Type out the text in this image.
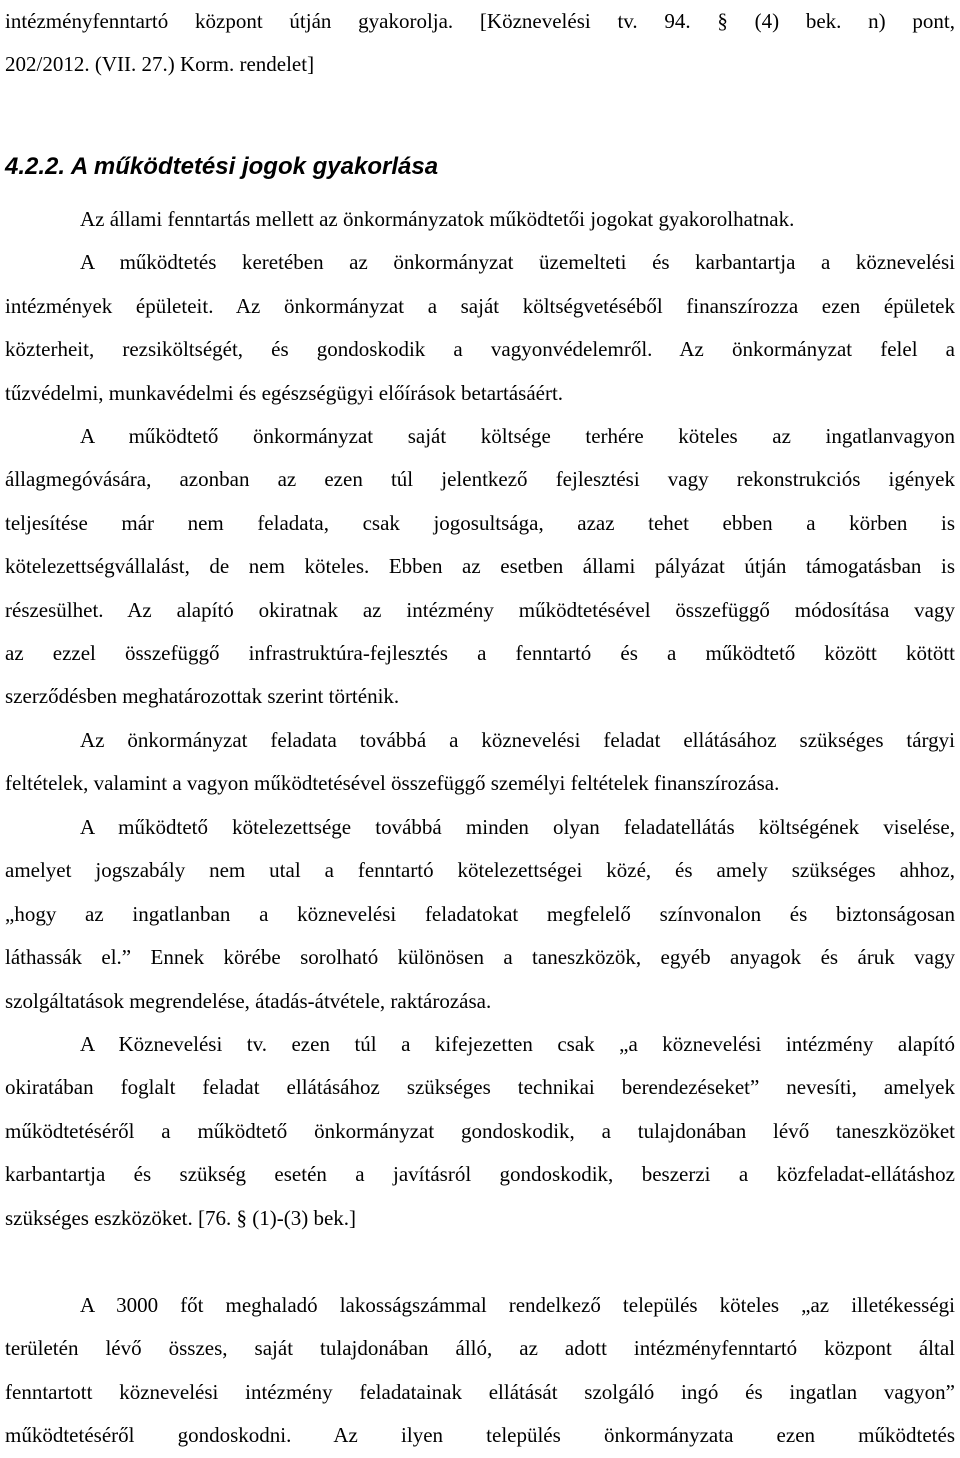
intézményfenntartó központ útján gyakorolja. [Köznevelési tv. 94. § (4) bek. n) pont,
202/2012. (VII. 27.) Korm. rendelet]

4.2.2. A működtetési jogok gyakorlása

Az állami fenntartás mellett az önkormányzatok működtetői jogokat gyakorolhatnak.
A működtetés keretében az önkormányzat üzemelteti és karbantartja a köznevelési
intézmények épületeit. Az önkormányzat a saját költségvetéséből finanszírozza ezen épületek
közterheit, rezsiköltségét, és gondoskodik a vagyonvédelemről. Az önkormányzat felel a
tűzvédelmi, munkavédelmi és egészségügyi előírások betartásáért.

A működtető önkormányzat saját költsége terhére köteles az ingatlanvagyon
állagmegóvására, azonban az ezen túl jelentkező fejlesztési vagy rekonstrukciós igények
teljesítése már nem feladata, csak jogosultsága, azaz tehet ebben a körben is
kötelezettségvállalást, de nem köteles. Ebben az esetben állami pályázat útján támogatásban is
részesülhet. Az alapító okiratnak az intézmény működtetésével összefüggő módosítása vagy
az ezzel összefüggő infrastruktúra-fejlesztés a fenntartó és a működtető között kötött
szerződésben meghatározottak szerint történik.

Az önkormányzat feladata továbbá a köznevelési feladat ellátásához szükséges tárgyi
feltételek, valamint a vagyon működtetésével összefüggő személyi feltételek finanszírozása.

A működtető kötelezettsége továbbá minden olyan feladatellátás költségének viselése,
amelyet jogszabály nem utal a fenntartó kötelezettségei közé, és amely szükséges ahhoz,
„hogy az ingatlanban a köznevelési feladatokat megfelelő színvonalon és biztonságosan
láthassák el.” Ennek körébe sorolható különösen a taneszközök, egyéb anyagok és áruk vagy
szolgáltatások megrendelése, átadás-átvétele, raktározása.

A Köznevelési tv. ezen túl a kifejezetten csak „a köznevelési intézmény alapító
okiratában foglalt feladat ellátásához szükséges technikai berendezéseket” nevesíti, amelyek
működtetéséről a működtető önkormányzat gondoskodik, a tulajdonában lévő taneszközöket
karbantartja és szükség esetén a javításról gondoskodik, beszerzi a közfeladat-ellátáshoz
szükséges eszközöket. [76. § (1)-(3) bek.]

A 3000 főt meghaladó lakosságszámmal rendelkező település köteles „az illetékességi
területén lévő összes, saját tulajdonában álló, az adott intézményfenntartó központ által
fenntartott köznevelési intézmény feladatainak ellátását szolgáló ingó és ingatlan vagyon”
működtetéséről gondoskodni. Az ilyen település önkormányzata ezen működtetés
